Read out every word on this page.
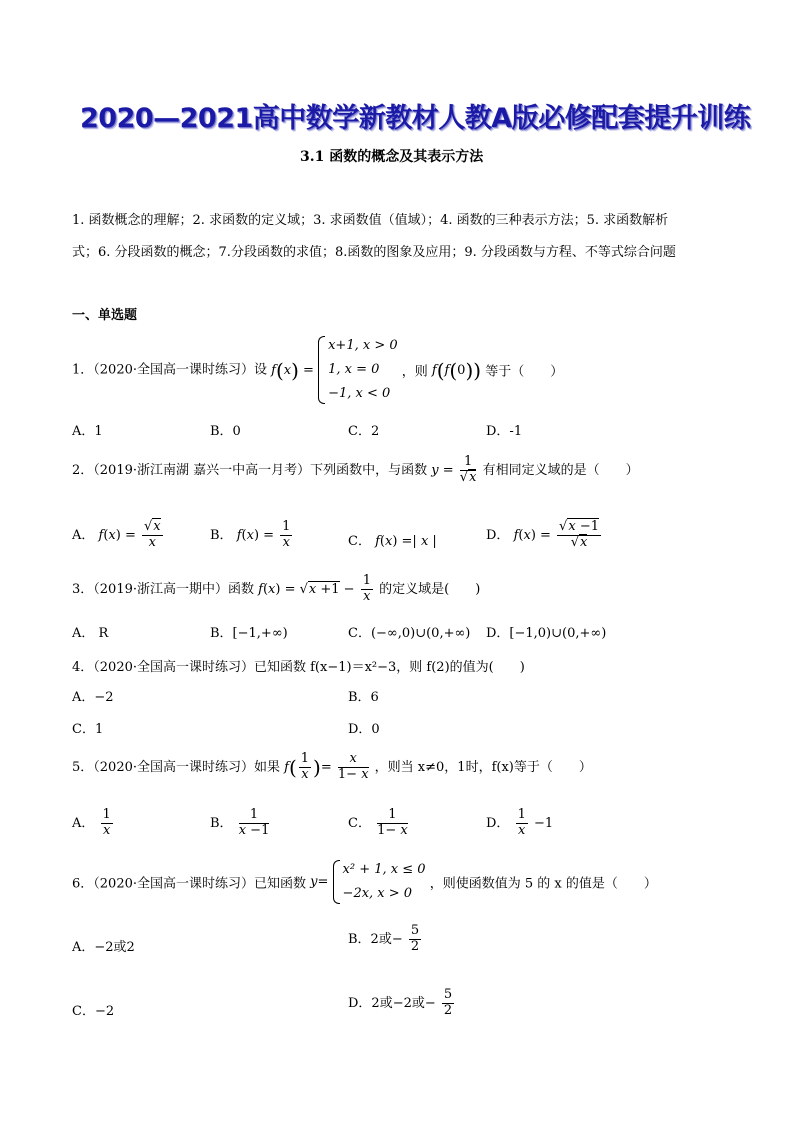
2020—2021高中数学新教材人教A版必修配套提升训练
3.1 函数的概念及其表示方法
1. 函数概念的理解；2. 求函数的定义域；3. 求函数值（值域）；4. 函数的三种表示方法；5. 求函数解析
式；6. 分段函数的概念；7.分段函数的求值；8.函数的图象及应用；9. 分段函数与方程、不等式综合问题
一、单选题
1．（2020·全国高一课时练习）设 f(x) =
x+1, x > 0
1, x = 0
−1, x < 0
，则 f(f(0)) 等于（　　）
A．1	B．0	C．2	D．-1
2．（2019·浙江南湖 嘉兴一中高一月考）下列函数中，与函数 $y = \frac{1}{√x}$ 有相同定义域的是（　　）
A． $f(x) = \frac{√x}{x}$	B． $f(x) = \frac{1}{x}$	C． f(x) =| x |	D． $f(x) = \frac{√x -1}{√x}$
3．（2019·浙江高一期中）函数 $f(x) = √x +1 - \frac{1}{x}$ 的定义域是(　　)
A． R	B．[−1,+∞)	C．(−∞,0)∪(0,+∞) D．[−1,0)∪(0,+∞)
4．（2020·全国高一课时练习）已知函数 f(x−1)＝x²−3，则 f(2)的值为(　　)
A．−2	B．6
C．1	D．0
5．（2020·全国高一课时练习）如果 $f( \frac{1}{x}$ )= $\frac{x}{1- x}$ ，则当 x≠0，1时，f(x)等于（　　）
A． $\frac{1}{x}$	B． $\frac{1}{x -1}$	C． $\frac{1}{1- x}$	D． $\frac{1}{x} -1$
6．（2020·全国高一课时练习）已知函数 y=
x² + 1, x ≤ 0
−2x, x > 0
，则使函数值为 5 的 x 的值是（　　）
A．−2或2
B．2或− $\frac{5}{2}$
C．−2
D．2或−2或− $\frac{5}{2}$
